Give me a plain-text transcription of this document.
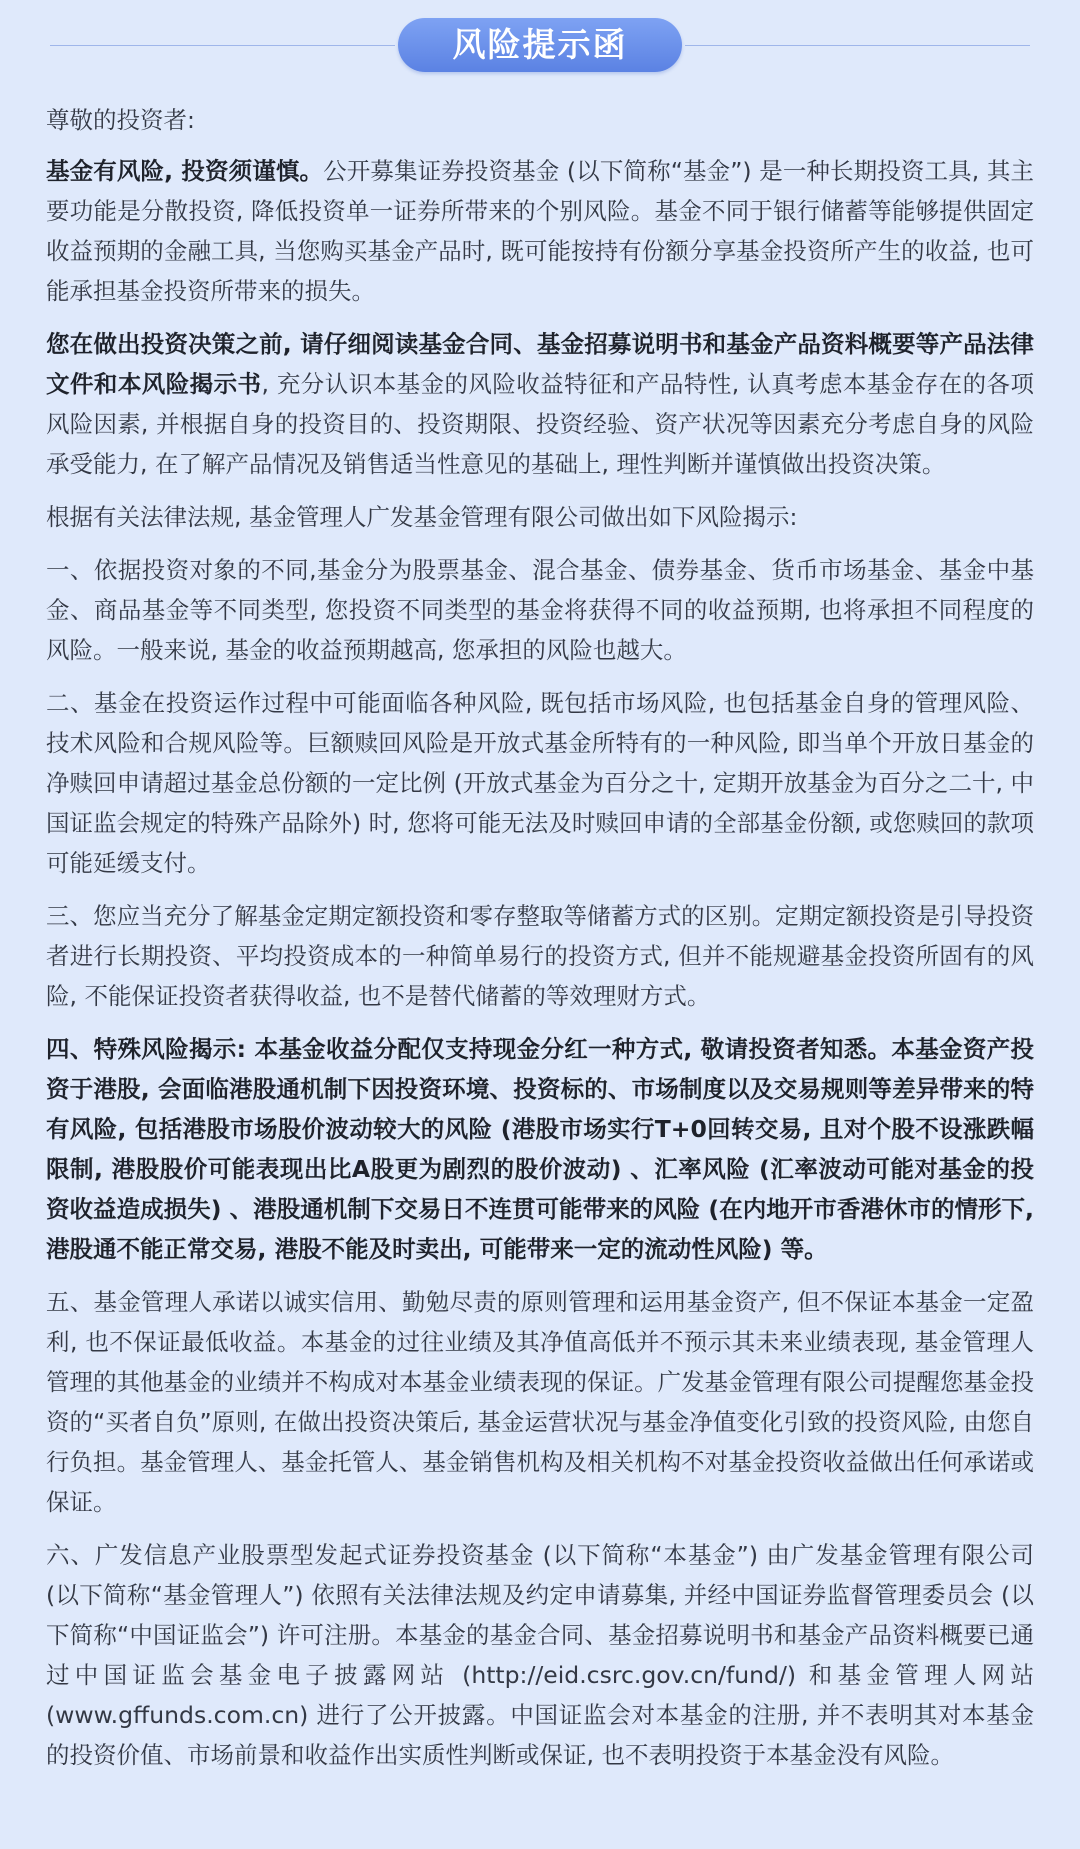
风险提示函

尊敬的投资者:

基金有风险, 投资须谨慎。公开募集证券投资基金 (以下简称“基金”) 是一种长期投资工具, 其主要功能是分散投资, 降低投资单一证券所带来的个别风险。基金不同于银行储蓄等能够提供固定收益预期的金融工具, 当您购买基金产品时, 既可能按持有份额分享基金投资所产生的收益, 也可能承担基金投资所带来的损失。

您在做出投资决策之前, 请仔细阅读基金合同、基金招募说明书和基金产品资料概要等产品法律文件和本风险揭示书, 充分认识本基金的风险收益特征和产品特性, 认真考虑本基金存在的各项风险因素, 并根据自身的投资目的、投资期限、投资经验、资产状况等因素充分考虑自身的风险承受能力, 在了解产品情况及销售适当性意见的基础上, 理性判断并谨慎做出投资决策。

根据有关法律法规, 基金管理人广发基金管理有限公司做出如下风险揭示:

一、依据投资对象的不同,基金分为股票基金、混合基金、债券基金、货币市场基金、基金中基金、商品基金等不同类型, 您投资不同类型的基金将获得不同的收益预期, 也将承担不同程度的风险。一般来说, 基金的收益预期越高, 您承担的风险也越大。

二、基金在投资运作过程中可能面临各种风险, 既包括市场风险, 也包括基金自身的管理风险、技术风险和合规风险等。巨额赎回风险是开放式基金所特有的一种风险, 即当单个开放日基金的净赎回申请超过基金总份额的一定比例 (开放式基金为百分之十, 定期开放基金为百分之二十, 中国证监会规定的特殊产品除外) 时, 您将可能无法及时赎回申请的全部基金份额, 或您赎回的款项可能延缓支付。

三、您应当充分了解基金定期定额投资和零存整取等储蓄方式的区别。定期定额投资是引导投资者进行长期投资、平均投资成本的一种简单易行的投资方式, 但并不能规避基金投资所固有的风险, 不能保证投资者获得收益, 也不是替代储蓄的等效理财方式。

四、特殊风险揭示: 本基金收益分配仅支持现金分红一种方式, 敬请投资者知悉。本基金资产投资于港股, 会面临港股通机制下因投资环境、投资标的、市场制度以及交易规则等差异带来的特有风险, 包括港股市场股价波动较大的风险 (港股市场实行T+0回转交易, 且对个股不设涨跌幅限制, 港股股价可能表现出比A股更为剧烈的股价波动) 、汇率风险 (汇率波动可能对基金的投资收益造成损失) 、港股通机制下交易日不连贯可能带来的风险 (在内地开市香港休市的情形下, 港股通不能正常交易, 港股不能及时卖出, 可能带来一定的流动性风险) 等。

五、基金管理人承诺以诚实信用、勤勉尽责的原则管理和运用基金资产, 但不保证本基金一定盈利, 也不保证最低收益。本基金的过往业绩及其净值高低并不预示其未来业绩表现, 基金管理人管理的其他基金的业绩并不构成对本基金业绩表现的保证。广发基金管理有限公司提醒您基金投资的“买者自负”原则, 在做出投资决策后, 基金运营状况与基金净值变化引致的投资风险, 由您自行负担。基金管理人、基金托管人、基金销售机构及相关机构不对基金投资收益做出任何承诺或保证。

六、广发信息产业股票型发起式证券投资基金 (以下简称“本基金”) 由广发基金管理有限公司 (以下简称“基金管理人”) 依照有关法律法规及约定申请募集, 并经中国证券监督管理委员会 (以下简称“中国证监会”) 许可注册。本基金的基金合同、基金招募说明书和基金产品资料概要已通过中国证监会基金电子披露网站 (http://eid.csrc.gov.cn/fund/) 和基金管理人网站 (www.gffunds.com.cn) 进行了公开披露。中国证监会对本基金的注册, 并不表明其对本基金的投资价值、市场前景和收益作出实质性判断或保证, 也不表明投资于本基金没有风险。
